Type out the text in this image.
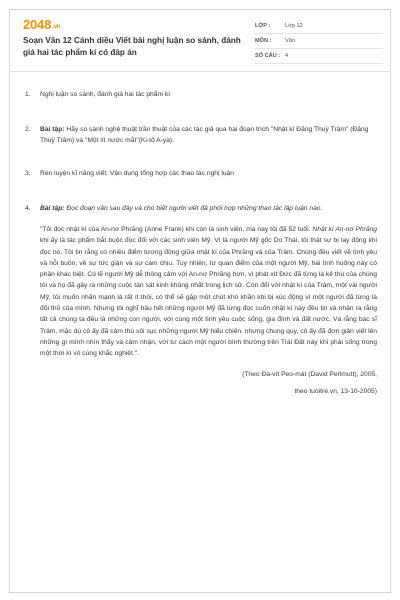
2048.vn
Soạn Văn 12 Cánh diều Viết bài nghị luận so sánh, đánh giá hai tác phẩm kí có đáp án
LỚP :	Lớp 12
MÔN :	Văn
SỐ CÂU : 4
1.	Nghị luận so sánh, đánh giá hai tác phẩm kí
2.	Bài tập: Hãy so sánh nghệ thuật trần thuật của các tác giả qua hai đoạn trích "Nhật kí Đặng Thuỳ Trâm" (Đặng Thuỳ Trâm) và "Một lít nước mắt"(Ki-tô A-ya).
3.	Rèn luyện kĩ năng viết: Vận dụng tổng hợp các thao tác nghị luận
4.	Bài tập: Đọc đoạn văn sau đây và cho biết người viết đã phối hợp những thao tác lập luận nào.
"Tôi đọc nhật kí của An-nơ Phrăng (Anne Frank) khi còn là sinh viên, mà nay tôi đã 52 tuổi. Nhật kí An-nơ Phrăng khi ấy là tác phẩm bắt buộc đọc đối với các sinh viên Mỹ. Vì là người Mỹ gốc Do Thái, tôi thật sự bị lay động khi đọc nó. Tôi tin rằng có nhiều điểm tương đồng giữa nhật kí của Phrăng và của Trâm. Chúng đều viết về tình yêu và nỗi buồn, về sự tức giận và sự cam chịu. Tuy nhiên, từ quan điểm của một người Mỹ, hai tình huống này có phần khác biệt. Có lẽ người Mỹ dễ thông cảm với An-nơ Phrăng hơn, vì phát xít Đức đã từng là kẻ thù của chúng tôi và họ đã gây ra những cuộc tàn sát kinh khủng nhất trong lịch sử. Còn đối với nhật kí của Trâm, một vài người Mỹ, tôi muốn nhấn mạnh là rất ít thôi, có thể sẽ gặp một chút khó khăn khi bị xúc động vì một người đã từng là đối thủ của mình. Nhưng tôi nghĩ hầu hết những người Mỹ đã từng đọc cuốn nhật kí này đều tin và nhận ra rằng tất cả chúng ta đều là những con người, với cùng một tình yêu cuộc sống, gia đình và đất nước. Và rằng bác sĩ Trâm, mặc dù cô ấy đã cảm thù sôi sục những người Mỹ hiếu chiến, nhưng chung quy, cô ấy đã đơn giản viết lên những gì mình nhìn thấy và cảm nhận, với tư cách một người bình thường trên Trái Đất này khi phải sống trong một thời kì vô cùng khắc nghiệt.".
(Theo Đa-vít Peo-mát (David Perlmutt), 2005,
theo tuoitre.vn, 13-10-2005)
